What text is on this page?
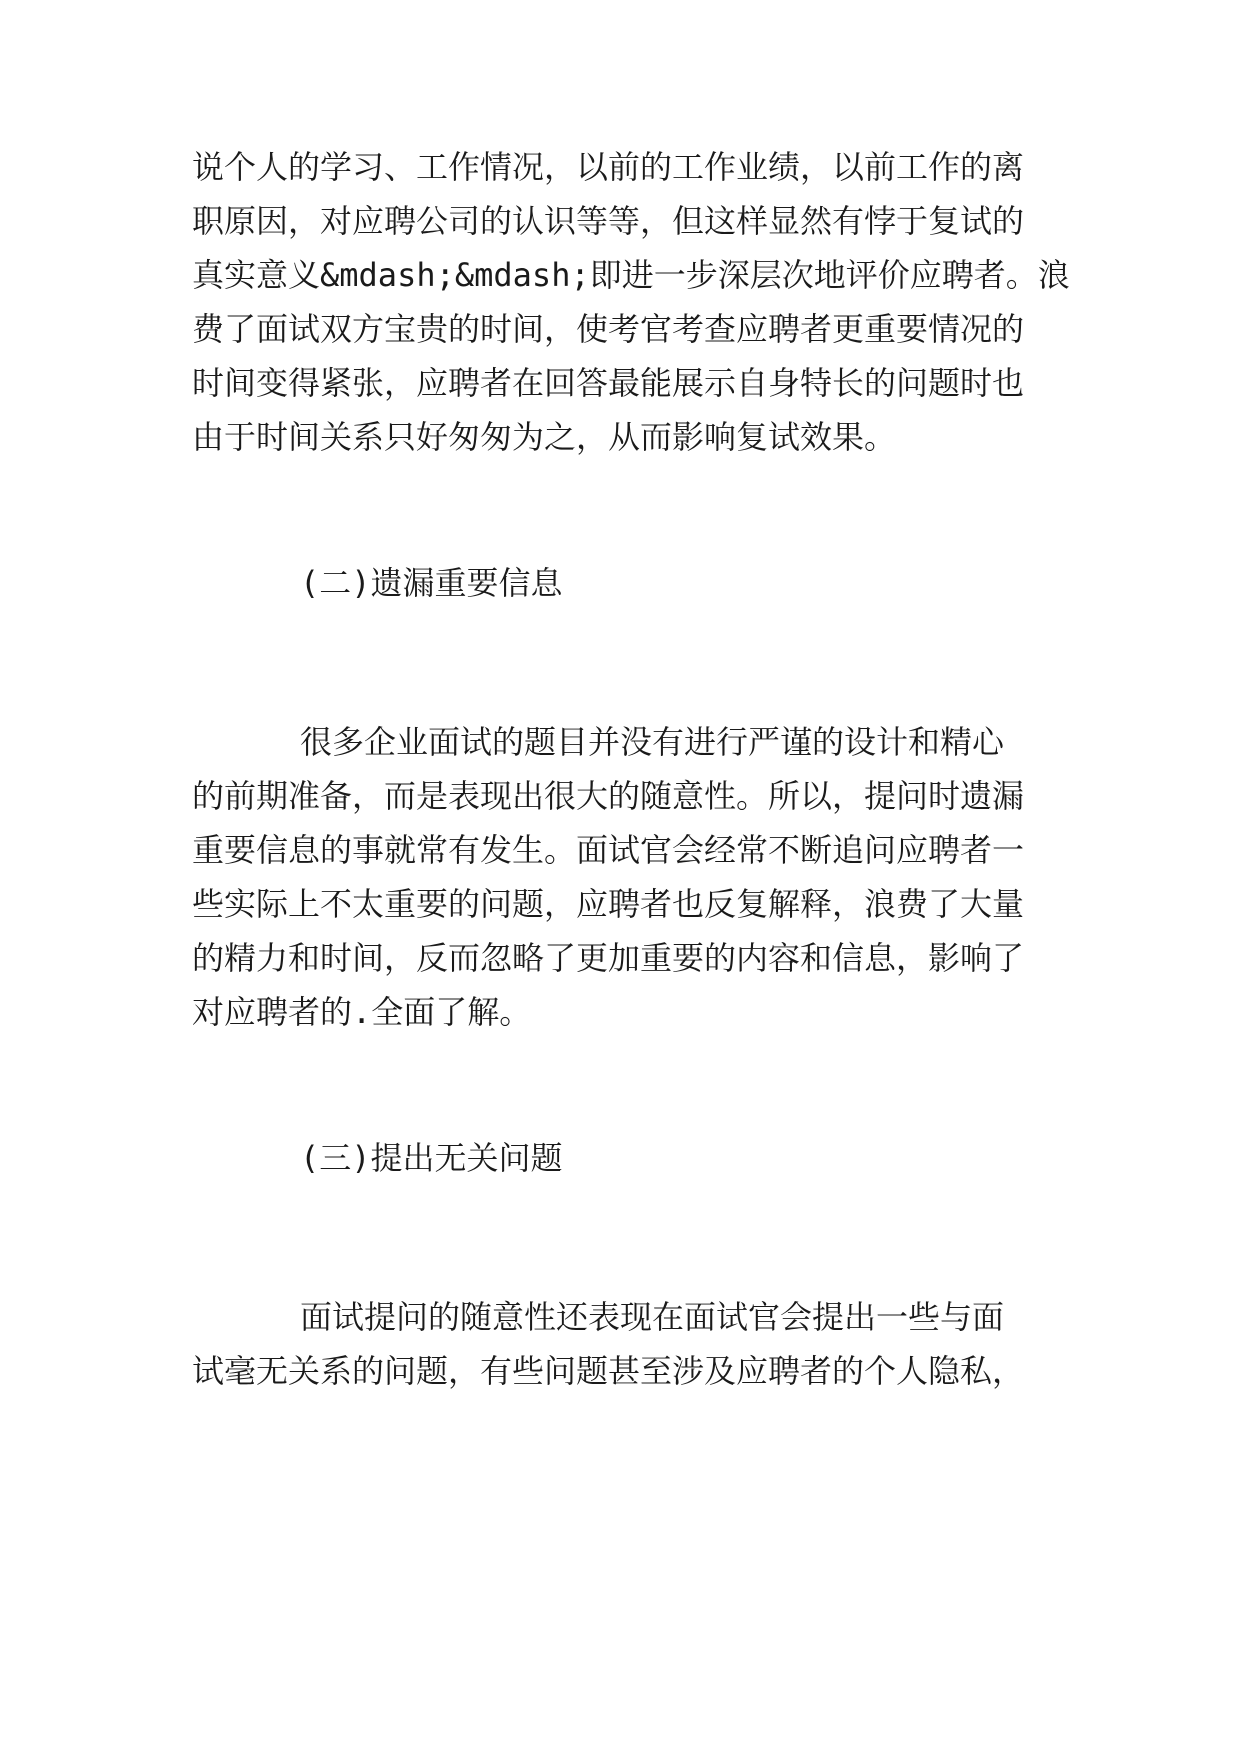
说个人的学习、工作情况，以前的工作业绩，以前工作的离
职原因，对应聘公司的认识等等，但这样显然有悖于复试的
真实意义&mdash;&mdash;即进一步深层次地评价应聘者。浪
费了面试双方宝贵的时间，使考官考查应聘者更重要情况的
时间变得紧张，应聘者在回答最能展示自身特长的问题时也
由于时间关系只好匆匆为之，从而影响复试效果。
(二)遗漏重要信息
很多企业面试的题目并没有进行严谨的设计和精心
的前期准备，而是表现出很大的随意性。所以，提问时遗漏
重要信息的事就常有发生。面试官会经常不断追问应聘者一
些实际上不太重要的问题，应聘者也反复解释，浪费了大量
的精力和时间，反而忽略了更加重要的内容和信息，影响了
对应聘者的.全面了解。
(三)提出无关问题
面试提问的随意性还表现在面试官会提出一些与面
试毫无关系的问题，有些问题甚至涉及应聘者的个人隐私，
